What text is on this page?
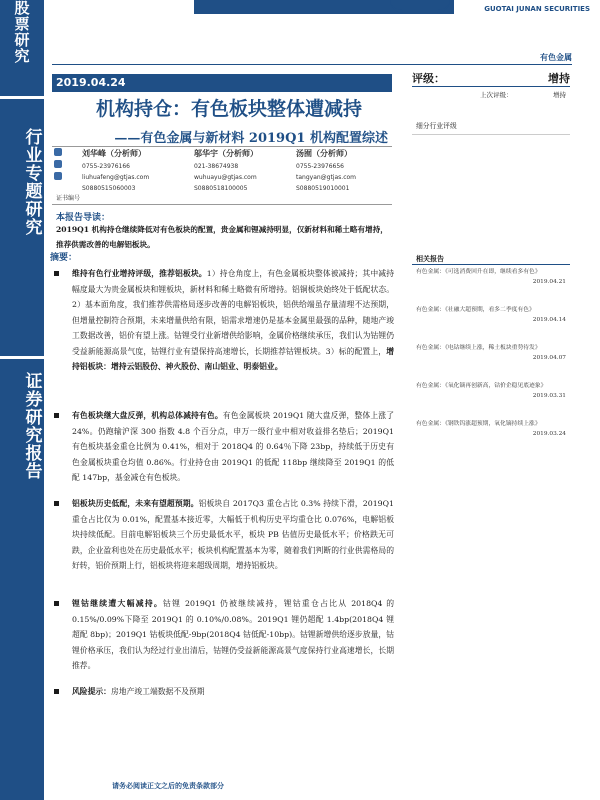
股票研究
行业专题研究
证券研究报告
GUOTAI JUNAN SECURITIES
有色金属
2019.04.24
机构持仓：有色板块整体遭减持
——有色金属与新材料 2019Q1 机构配置综述
证书编号
刘华峰（分析师）
0755-23976166
liuhuafeng@gtjas.com
S0880515060003
邬华宇（分析师）
021-38674938
wuhuayu@gtjas.com
S0880518100005
汤囿（分析师）
0755-23976656
tangyan@gtjas.com
S0880519010001
本报告导读：
2019Q1 机构持仓继续降低对有色板块的配置，贵金属和锂减持明显，仅新材料和稀土略有增持，推荐供需改善的电解铝板块。
摘要：
维持有色行业增持评级，推荐铝板块。1）持仓角度上，有色金属板块整体被减持；其中减持幅度最大为贵金属板块和锂板块，新材料和稀土略微有所增持。铝铜板块始终处于低配状态。2）基本面角度，我们推荐供需格局逐步改善的电解铝板块，铝供给端虽存量清理不达预期，但增量控制符合预期，未来增量供给有限，铝需求增速仍是基本金属里最强的品种，随地产竣工数据改善，铝价有望上涨。钴锂受行业新增供给影响，金属价格继续承压，我们认为钴锂仍受益新能源高景气度，钴锂行业有望保持高速增长，长期推荐钴锂板块。3）标的配置上，增持铝板块：增持云铝股份、神火股份、南山铝业、明泰铝业。
有色板块继大盘反弹，机构总体减持有色。有色金属板块 2019Q1 随大盘反弹，整体上涨了 24%。仍跑输沪深 300 指数 4.8 个百分点，申万一级行业中相对收益排名垫后；2019Q1 有色板块基金重仓比例为 0.41%，相对于 2018Q4 的 0.64％下降 23bp，持续低于历史有色金属板块重仓均值 0.86%。行业持仓由 2019Q1 的低配 118bp 继续降至 2019Q1 的低配 147bp，基金减仓有色板块。
铝板块历史低配，未来有望超预期。铝板块自 2017Q3 重仓占比 0.3% 持续下滑，2019Q1 重仓占比仅为 0.01%，配置基本接近零，大幅低于机构历史平均重仓比 0.076%，电解铝板块持续低配。目前电解铝板块三个历史最低水平，板块 PB 估值历史最低水平；价格跌无可跌，企业盈利也处在历史最低水平；板块机构配置基本为零，随着我们判断的行业供需格局的好转，铝价预期上行，铝板块将迎来超级周期，增持铝板块。
锂钴继续遭大幅减持。钴锂 2019Q1 仍被继续减持，锂钴重仓占比从 2018Q4 的 0.15%/0.09%下降至 2019Q1 的 0.10%/0.08%。2019Q1 锂仍超配 1.4bp(2018Q4 锂超配 8bp)；2019Q1 钴板块低配-9bp(2018Q4 钴低配-10bp)。钴锂新增供给逐步放量，钴锂价格承压，我们认为经过行业出清后，钴锂仍受益新能源高景气度保持行业高速增长，长期推荐。
风险提示：房地产竣工端数据不及预期
评级：	增持
上次评级：	增持
细分行业评级
相关报告
有色金属：《可选消费回升在即，继续看多有色》
2019.04.21
有色金属：《社融大超预期，看多二季度有色》
2019.04.14
有色金属：《电钴继续上涨，稀土板块重势待发》
2019.04.07
有色金属：《氧化镝再创新高，钴价企稳见底迹象》
2019.03.31
有色金属：《钢铁钨涨超预期，氧化镝持续上涨》
2019.03.24
请务必阅读正文之后的免责条款部分
